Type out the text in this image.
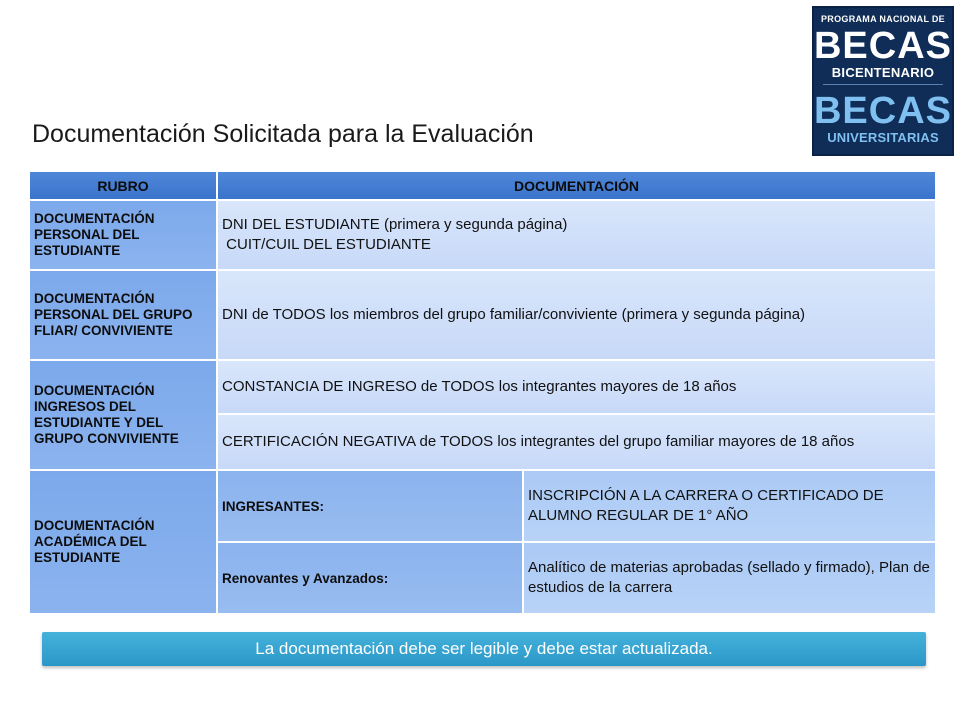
PROGRAMA NACIONAL DE
BECAS
BICENTENARIO
BECAS
UNIVERSITARIAS
Documentación Solicitada para la Evaluación
RUBRO	DOCUMENTACIÓN	
DOCUMENTACIÓN PERSONAL DEL ESTUDIANTE	DNI DEL ESTUDIANTE (primera y segunda página)
CUIT/CUIL DEL ESTUDIANTE	

DOCUMENTACIÓN PERSONAL DEL GRUPO FLIAR/ CONVIVIENTE	DNI de TODOS los miembros del grupo familiar/conviviente (primera y segunda página)	
DOCUMENTACIÓN INGRESOS DEL ESTUDIANTE Y DEL GRUPO CONVIVIENTE	CONSTANCIA DE INGRESO de TODOS los integrantes mayores de 18 años	
	CERTIFICACIÓN NEGATIVA de TODOS los integrantes del grupo familiar mayores de 18 años	
DOCUMENTACIÓN ACADÉMICA DEL ESTUDIANTE	INGRESANTES:	INSCRIPCIÓN A LA CARRERA O CERTIFICADO DE ALUMNO REGULAR DE 1° AÑO
	Renovantes y Avanzados:	Analítico de materias aprobadas (sellado y firmado), Plan de estudios de la carrera
La documentación debe ser legible y debe estar actualizada.
